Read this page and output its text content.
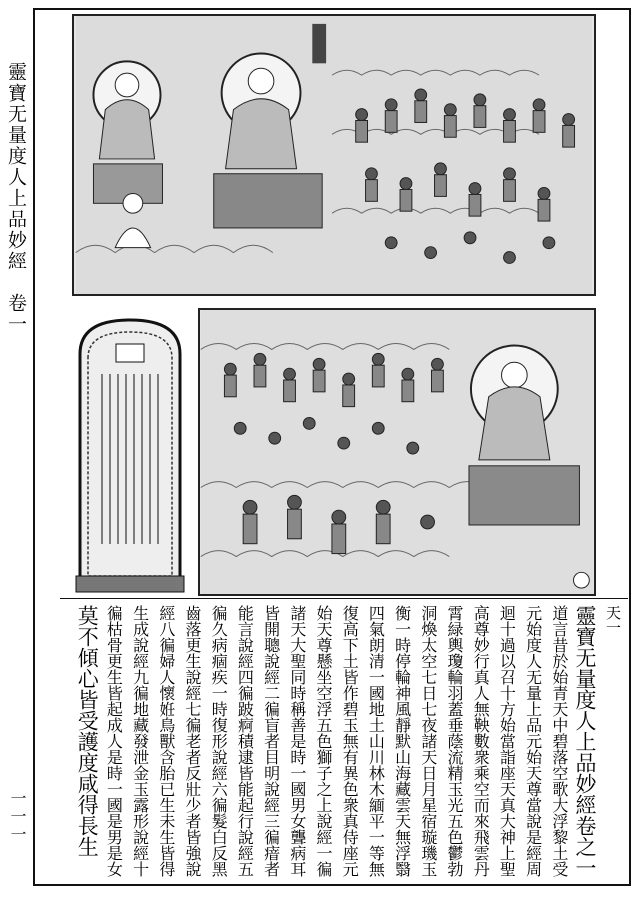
靈寶无量度人上品妙經　卷一
一一一
天一
靈寶无量度人上品妙經卷之一
道言昔於始青天中碧落空歌大浮黎土受
元始度人无量上品元始天尊當說是經周
迴十過以召十方始當詣座天真大神上聖
高尊妙行真人無鞅數衆乘空而來飛雲丹
霄緑輿瓊輪羽蓋垂蔭流精玉光五色鬱勃
洞煥太空七日七夜諸天日月星宿璇璣玉
衡一時停輪神風靜默山海藏雲天無浮翳
四氣朗清一國地土山川林木緬平一等無
復高下土皆作碧玉無有異色衆真侍座元
始天尊懸坐空浮五色獅子之上說經一徧
諸天大聖同時稱善是時一國男女聾病耳
皆開聰說經二徧盲者目明說經三徧瘖者
能言說經四徧跛痾積逮皆能起行說經五
徧久病痼疾一時復形說經六徧髮白反黑
齒落更生說經七徧老者反壯少者皆強說
經八徧婦人懷姙鳥獸含胎已生未生皆得
生成說經九徧地藏發泄金玉露形說經十
徧枯骨更生皆起成人是時一國是男是女
莫不傾心皆受護度咸得長生
